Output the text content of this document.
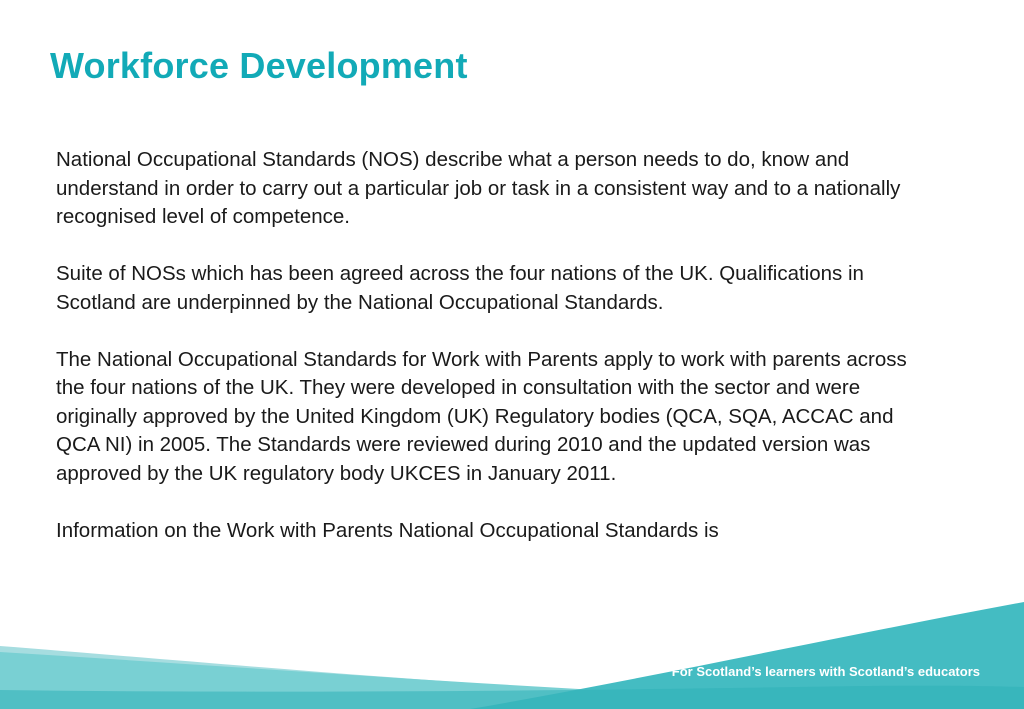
Workforce Development

National Occupational Standards (NOS) describe what a person needs to do, know and understand in order to carry out a particular job or task in a consistent way and to a nationally recognised level of competence.

Suite of NOSs which has been agreed across the four nations of the UK. Qualifications in Scotland are underpinned by the National Occupational Standards.

The National Occupational Standards for Work with Parents apply to work with parents across the four nations of the UK. They were developed in consultation with the sector and were originally approved by the United Kingdom (UK) Regulatory bodies (QCA, SQA, ACCAC and QCA NI) in 2005. The Standards were reviewed during 2010 and the updated version was approved by the UK regulatory body UKCES in January 2011.

Information on the Work with Parents National Occupational Standards is

For Scotland’s learners with Scotland’s educators
